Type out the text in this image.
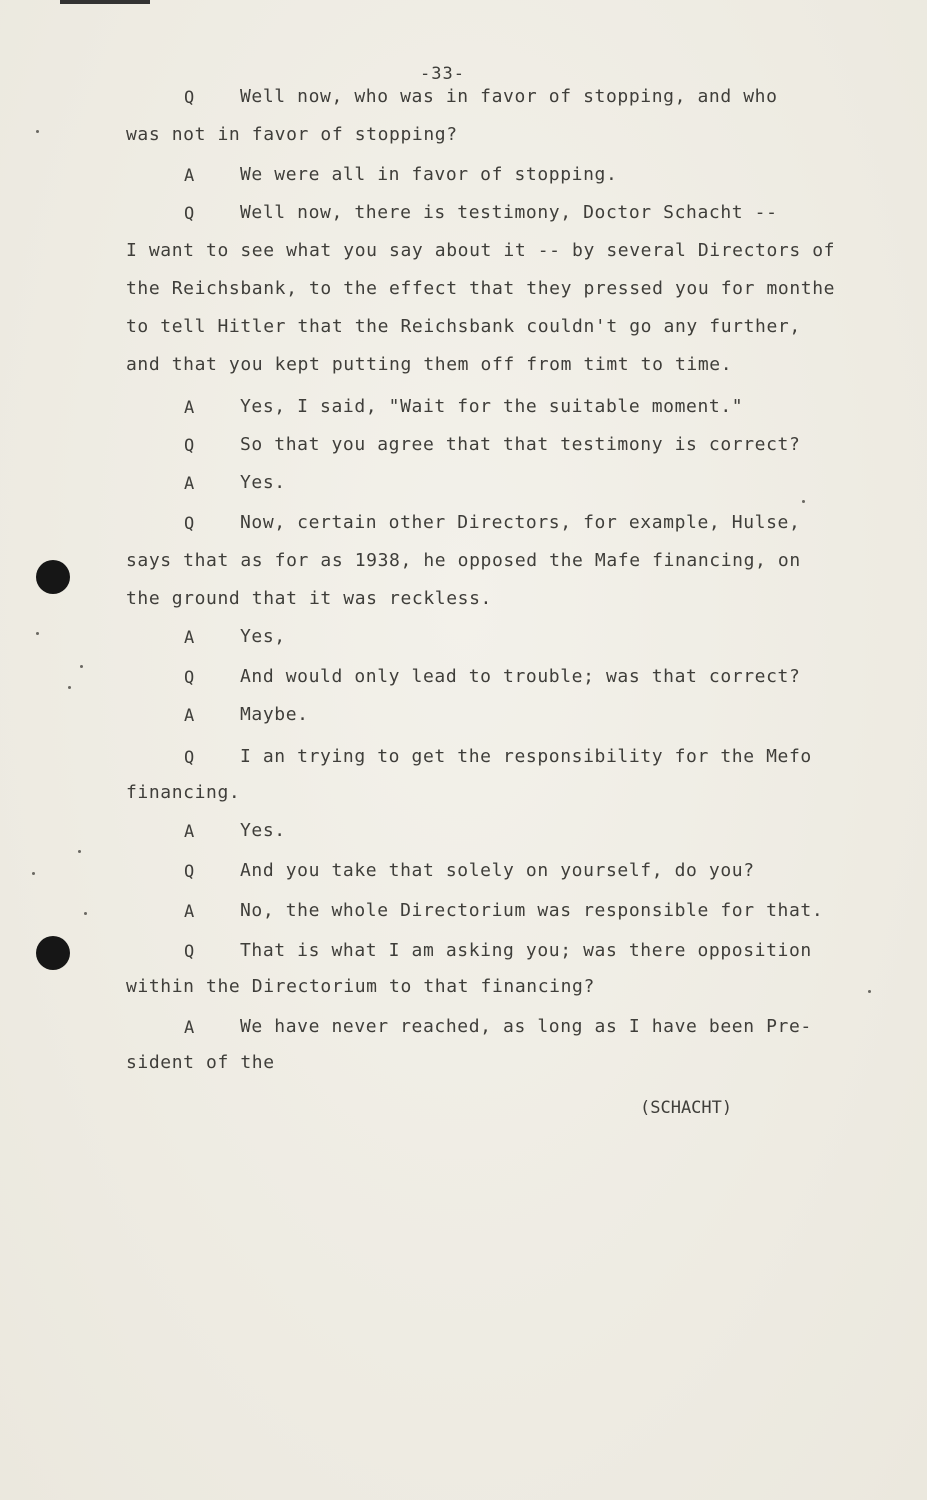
-33-
Q	Well now, who was in favor of stopping, and who
was not in favor of stopping?
A	We were all in favor of stopping.
Q	Well now, there is testimony, Doctor Schacht --
I want to see what you say about it -- by several Directors of
the Reichsbank, to the effect that they pressed you for monthe
to tell Hitler that the Reichsbank couldn't go any further,
and that you kept putting them off from timt to time.
A	Yes, I said, "Wait for the suitable moment."
Q	So that you agree that that testimony is correct?
A	Yes.
Q	Now, certain other Directors, for example, Hulse,
says that as for as 1938, he opposed the Mafe financing, on
the ground that it was reckless.
A	Yes,
Q	And would only lead to trouble; was that correct?
A	Maybe.
Q	I an trying to get the responsibility for the Mefo
financing.
A	Yes.
Q	And you take that solely on yourself, do you?
A	No, the whole Directorium was responsible for that.
Q	That is what I am asking you; was there opposition
within the Directorium to that financing?
A	We have never reached, as long as I have been Pre-
sident of the
(SCHACHT)
